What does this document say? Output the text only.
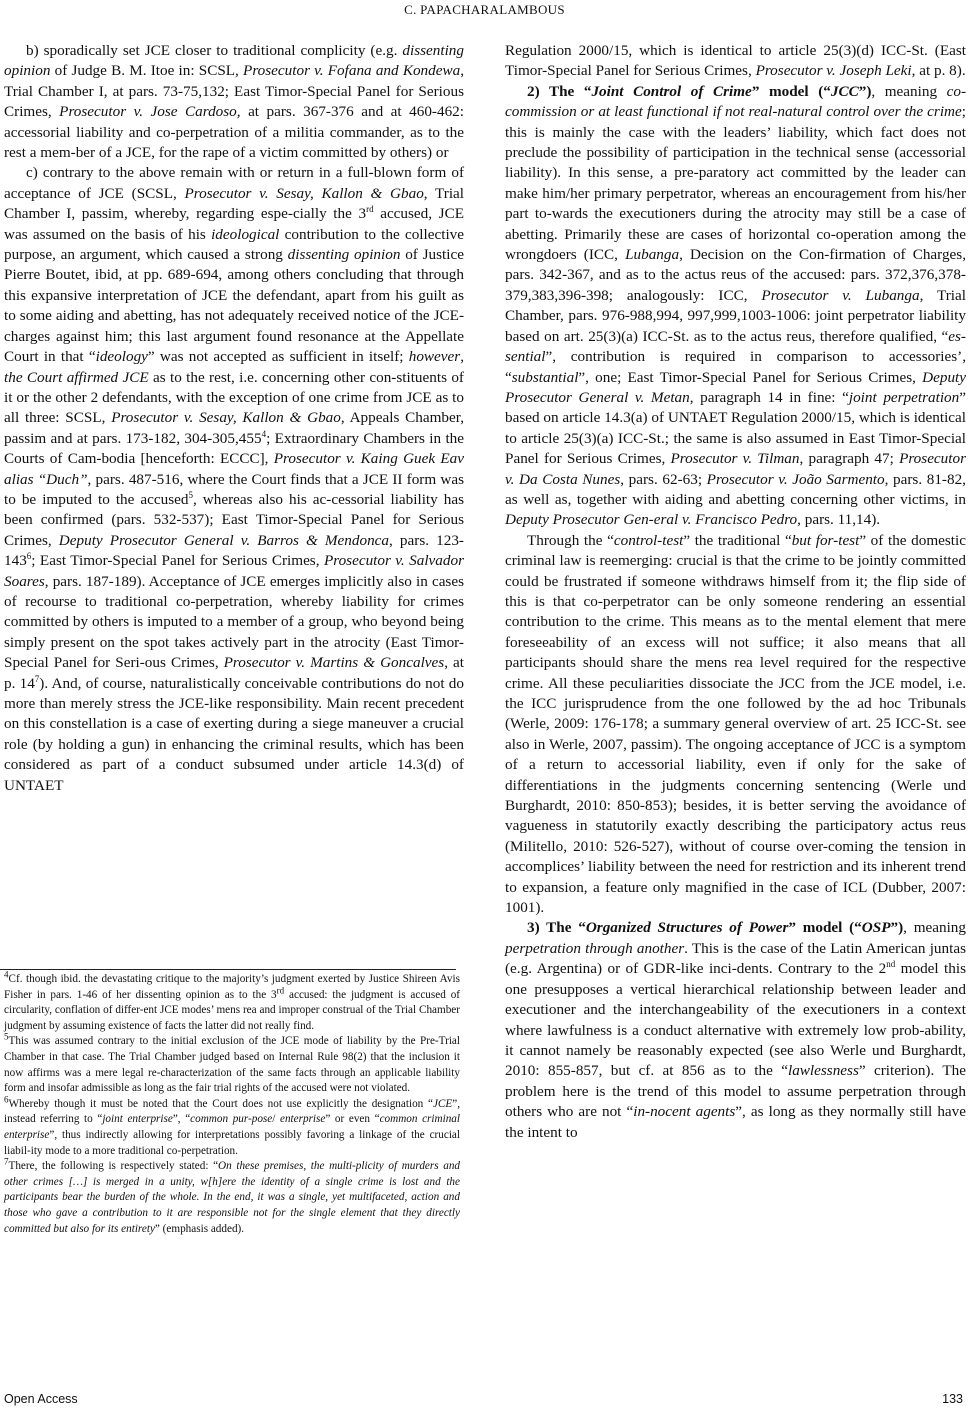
C. PAPACHARALAMBOUS

b) sporadically set JCE closer to traditional complicity (e.g. dissenting opinion of Judge B. M. Itoe in: SCSL, Prosecutor v. Fofana and Kondewa, Trial Chamber I, at pars. 73-75,132; East Timor-Special Panel for Serious Crimes, Prosecutor v. Jose Cardoso, at pars. 367-376 and at 460-462: accessorial liability and co-perpetration of a militia commander, as to the rest a mem-ber of a JCE, for the rape of a victim committed by others) or

c) contrary to the above remain with or return in a full-blown form of acceptance of JCE (SCSL, Prosecutor v. Sesay, Kallon & Gbao, Trial Chamber I, passim, whereby, regarding espe-cially the 3rd accused, JCE was assumed on the basis of his ideological contribution to the collective purpose, an argument, which caused a strong dissenting opinion of Justice Pierre Boutet, ibid, at pp. 689-694, among others concluding that through this expansive interpretation of JCE the defendant, apart from his guilt as to some aiding and abetting, has not adequately received notice of the JCE-charges against him; this last argument found resonance at the Appellate Court in that “ideology” was not accepted as sufficient in itself; however, the Court affirmed JCE as to the rest, i.e. concerning other con-stituents of it or the other 2 defendants, with the exception of one crime from JCE as to all three: SCSL, Prosecutor v. Sesay, Kallon & Gbao, Appeals Chamber, passim and at pars. 173-182, 304-305,455$^4$; Extraordinary Chambers in the Courts of Cam-bodia [henceforth: ECCC], Prosecutor v. Kaing Guek Eav alias “Duch”, pars. 487-516, where the Court finds that a JCE II form was to be imputed to the accused$^5$, whereas also his ac-cessorial liability has been confirmed (pars. 532-537); East Timor-Special Panel for Serious Crimes, Deputy Prosecutor General v. Barros & Mendonca, pars. $123-143^6$; East Timor-Special Panel for Serious Crimes, Prosecutor v. Salvador Soares, pars. 187-189). Acceptance of JCE emerges implicitly also in cases of recourse to traditional co-perpetration, whereby liability for crimes committed by others is imputed to a member of a group, who beyond being simply present on the spot takes actively part in the atrocity (East Timor-Special Panel for Seri-ous Crimes, Prosecutor v. Martins & Goncalves, at p. $14^7$). And, of course, naturalistically conceivable contributions do not do more than merely stress the JCE-like responsibility. Main recent precedent on this constellation is a case of exerting during a siege maneuver a crucial role (by holding a gun) in enhancing the criminal results, which has been considered as part of a conduct subsumed under article 14.3(d) of UNTAET

$^4$Cf. though ibid. the devastating critique to the majority’s judgment exerted by Justice Shireen Avis Fisher in pars. 1-46 of her dissenting opinion as to the 3rd accused: the judgment is accused of circularity, conflation of differ-ent JCE modes’ mens rea and improper construal of the Trial Chamber judgment by assuming existence of facts the latter did not really find.

$^5$This was assumed contrary to the initial exclusion of the JCE mode of liability by the Pre-Trial Chamber in that case. The Trial Chamber judged based on Internal Rule 98(2) that the inclusion it now affirms was a mere legal re-characterization of the same facts through an applicable liability form and insofar admissible as long as the fair trial rights of the accused were not violated.

$^6$Whereby though it must be noted that the Court does not use explicitly the designation “JCE”, instead referring to “joint enterprise”, “common pur-pose/ enterprise” or even “common criminal enterprise”, thus indirectly allowing for interpretations possibly favoring a linkage of the crucial liabil-ity mode to a more traditional co-perpetration.

$^7$There, the following is respectively stated: “On these premises, the multi-plicity of murders and other crimes […] is merged in a unity, w[h]ere the identity of a single crime is lost and the participants bear the burden of the whole. In the end, it was a single, yet multifaceted, action and those who gave a contribution to it are responsible not for the single element that they directly committed but also for its entirety” (emphasis added).

Regulation 2000/15, which is identical to article 25(3)(d) ICC-St. (East Timor-Special Panel for Serious Crimes, Prosecutor v. Joseph Leki, at p. 8).

2) The “Joint Control of Crime” model (“JCC”), meaning co-commission or at least functional if not real-natural control over the crime; this is mainly the case with the leaders’ liability, which fact does not preclude the possibility of participation in the technical sense (accessorial liability). In this sense, a pre-paratory act committed by the leader can make him/her primary perpetrator, whereas an encouragement from his/her part to-wards the executioners during the atrocity may still be a case of abetting. Primarily these are cases of horizontal co-operation among the wrongdoers (ICC, Lubanga, Decision on the Con-firmation of Charges, pars. 342-367, and as to the actus reus of the accused: pars. 372,376,378-379,383,396-398; analogously: ICC, Prosecutor v. Lubanga, Trial Chamber, pars. 976-988,994, 997,999,1003-1006: joint perpetrator liability based on art. 25(3)(a) ICC-St. as to the actus reus, therefore qualified, “es-sential”, contribution is required in comparison to accessories’, “substantial”, one; East Timor-Special Panel for Serious Crimes, Deputy Prosecutor General v. Metan, paragraph 14 in fine: “joint perpetration” based on article 14.3(a) of UNTAET Regulation 2000/15, which is identical to article 25(3)(a) ICC-St.; the same is also assumed in East Timor-Special Panel for Serious Crimes, Prosecutor v. Tilman, paragraph 47; Prosecutor v. Da Costa Nunes, pars. 62-63; Prosecutor v. João Sarmento, pars. 81-82, as well as, together with aiding and abetting concerning other victims, in Deputy Prosecutor Gen-eral v. Francisco Pedro, pars. 11,14).

Through the “control-test” the traditional “but for-test” of the domestic criminal law is reemerging: crucial is that the crime to be jointly committed could be frustrated if someone withdraws himself from it; the flip side of this is that co-perpetrator can be only someone rendering an essential contribution to the crime. This means as to the mental element that mere foreseeability of an excess will not suffice; it also means that all participants should share the mens rea level required for the respective crime. All these peculiarities dissociate the JCC from the JCE model, i.e. the ICC jurisprudence from the one followed by the ad hoc Tribunals (Werle, 2009: 176-178; a summary general overview of art. 25 ICC-St. see also in Werle, 2007, passim). The ongoing acceptance of JCC is a symptom of a return to accessorial liability, even if only for the sake of differentiations in the judgments concerning sentencing (Werle und Burghardt, 2010: 850-853); besides, it is better serving the avoidance of vagueness in statutorily exactly describing the participatory actus reus (Militello, 2010: 526-527), without of course over-coming the tension in accomplices’ liability between the need for restriction and its inherent trend to expansion, a feature only magnified in the case of ICL (Dubber, 2007: 1001).

3) The “Organized Structures of Power” model (“OSP”), meaning perpetration through another. This is the case of the Latin American juntas (e.g. Argentina) or of GDR-like inci-dents. Contrary to the 2nd model this one presupposes a vertical hierarchical relationship between leader and executioner and the interchangeability of the executioners in a context where lawfulness is a conduct alternative with extremely low prob-ability, it cannot namely be reasonably expected (see also Werle und Burghardt, 2010: 855-857, but cf. at 856 as to the “lawlessness” criterion). The problem here is the trend of this model to assume perpetration through others who are not “in-nocent agents”, as long as they normally still have the intent to

Open Access	133
